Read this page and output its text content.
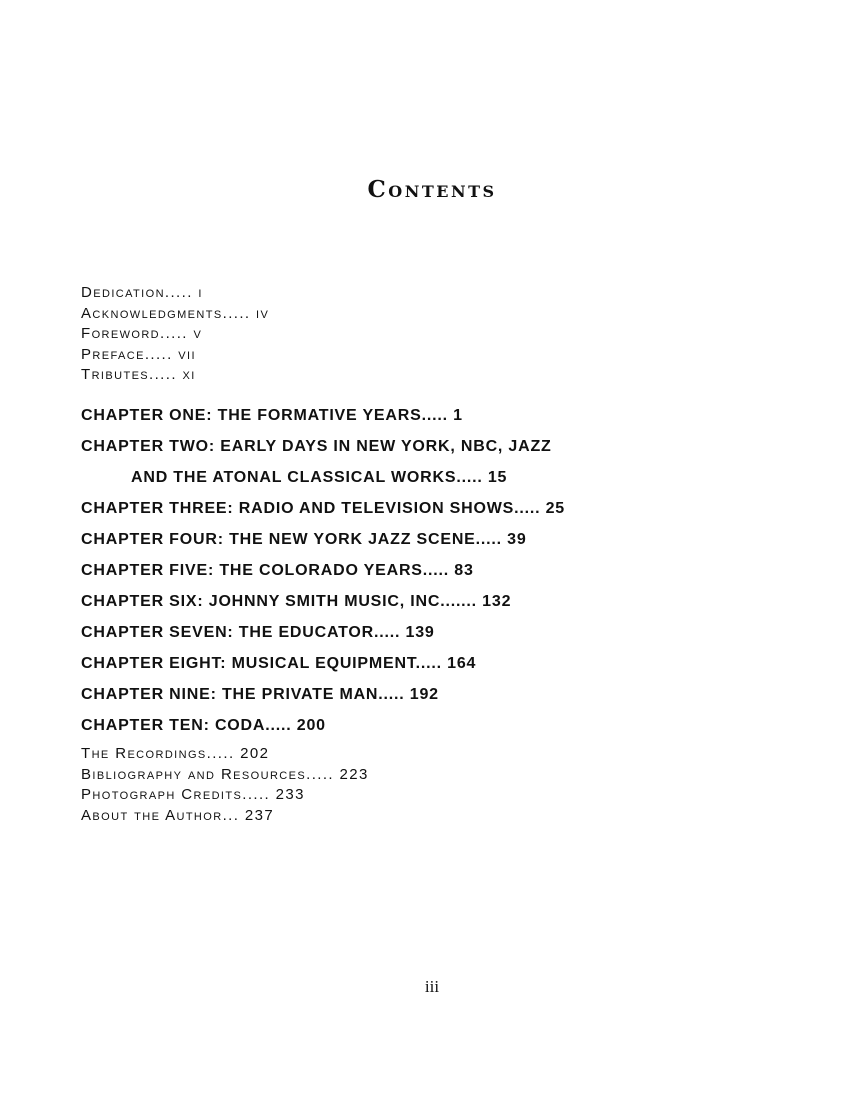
Contents
Dedication..... i
Acknowledgments..... iv
Foreword..... v
Preface..... vii
Tributes..... xi
CHAPTER ONE: THE FORMATIVE YEARS..... 1
CHAPTER TWO: EARLY DAYS IN NEW YORK, NBC, JAZZ
AND THE ATONAL CLASSICAL WORKS..... 15
CHAPTER THREE: RADIO AND TELEVISION SHOWS..... 25
CHAPTER FOUR: THE NEW YORK JAZZ SCENE..... 39
CHAPTER FIVE: THE COLORADO YEARS..... 83
CHAPTER SIX: JOHNNY SMITH MUSIC, INC....... 132
CHAPTER SEVEN: THE EDUCATOR..... 139
CHAPTER EIGHT: MUSICAL EQUIPMENT..... 164
CHAPTER NINE: THE PRIVATE MAN..... 192
CHAPTER TEN: CODA..... 200
The Recordings..... 202
Bibliography and Resources..... 223
Photograph Credits..... 233
About the Author... 237
iii
